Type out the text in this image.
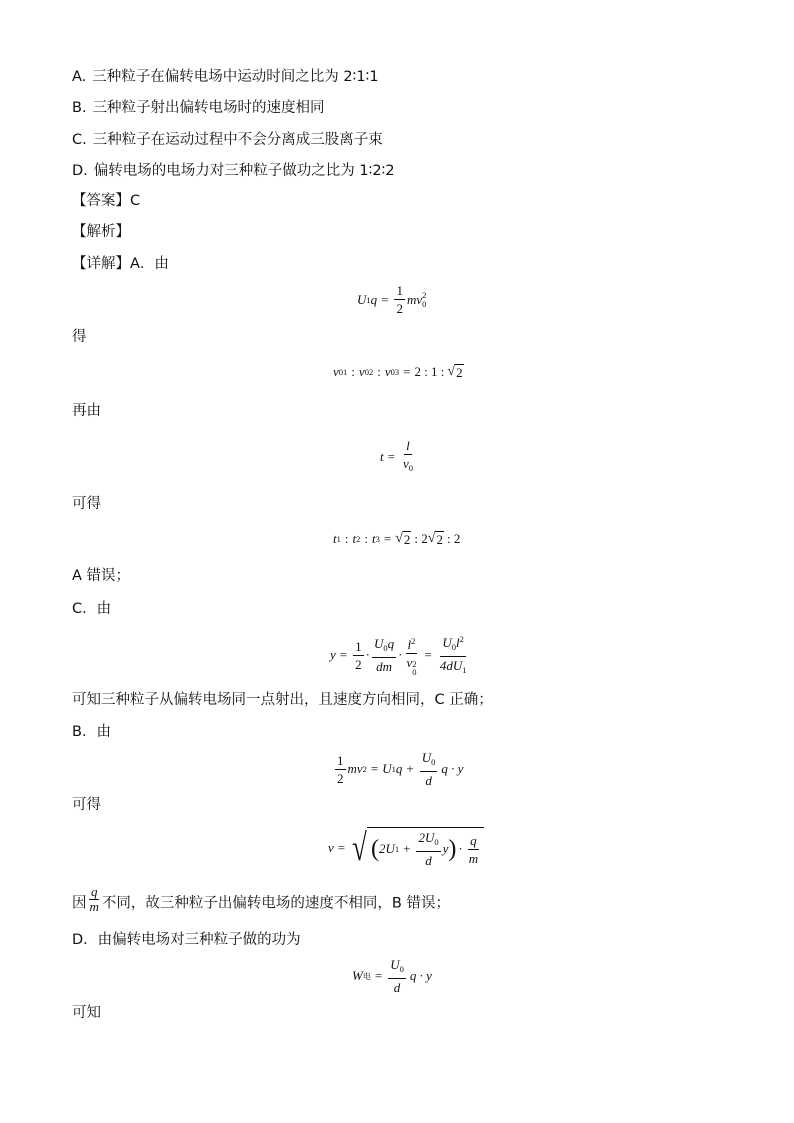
A. 三种粒子在偏转电场中运动时间之比为 2∶1∶1
B. 三种粒子射出偏转电场时的速度相同
C. 三种粒子在运动过程中不会分离成三股离子束
D. 偏转电场的电场力对三种粒子做功之比为 1∶2∶2
【答案】C
【解析】
【详解】A．由
U 1 $q = \frac{1}{2}$ mv 2
0
得
v 01 : v 02 : v 03 = 2 : 1 : √ 2
再由
$t = \frac{l}{v_0}$
可得
t 1 : t 2 : t 3 = √ 2 : 2 √ 2 : 2
A 错误；
C．由
$y = \frac{1}{2} \cdot \frac{U_0q}{dm} \cdot l^2$
v 2
$0 = \frac{U_0l^2}{4dU_1}$
可知三种粒子从偏转电场同一点射出，且速度方向相同，C 正确；
B．由
$\frac{1}{2}$ mv 2 = U 1 $q + \frac{U_0}{d}$ q · y
可得
v = √ ( 2U $1 + \frac{2U_0}{d}$ y ) · $\frac{q}{m}$
因 $\frac{q}{m}$ 不同，故三种粒子出偏转电场的速度不相同，B 错误；
D．由偏转电场对三种粒子做的功为
W 电 = $\frac{U_0}{d}$ q · y
可知
